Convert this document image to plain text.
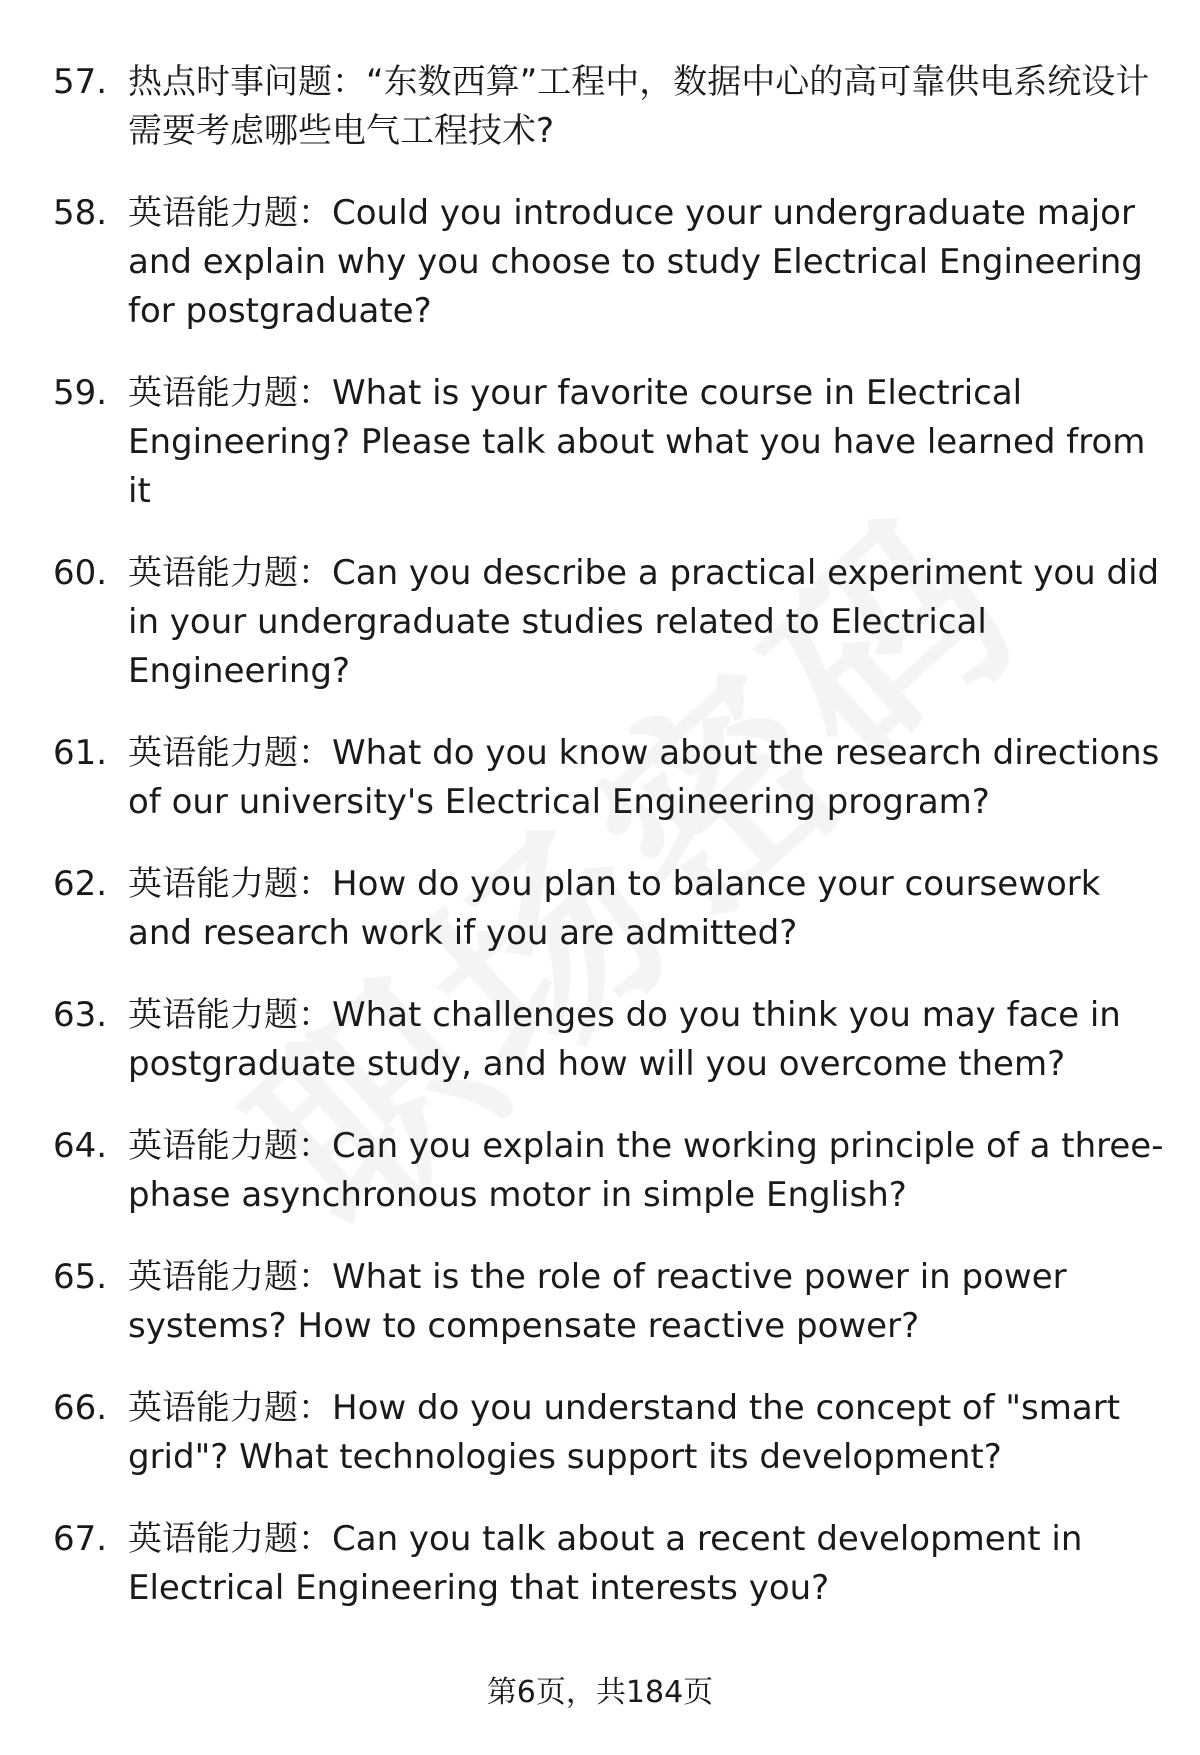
57. 热点时事问题：“东数西算”工程中，数据中心的高可靠供电系统设计需要考虑哪些电气工程技术?
58. 英语能力题：Could you introduce your undergraduate major and explain why you choose to study Electrical Engineering for postgraduate?
59. 英语能力题：What is your favorite course in Electrical Engineering? Please talk about what you have learned from it
60. 英语能力题：Can you describe a practical experiment you did in your undergraduate studies related to Electrical Engineering?
61. 英语能力题：What do you know about the research directions of our university's Electrical Engineering program?
62. 英语能力题：How do you plan to balance your coursework and research work if you are admitted?
63. 英语能力题：What challenges do you think you may face in postgraduate study, and how will you overcome them?
64. 英语能力题：Can you explain the working principle of a three-phase asynchronous motor in simple English?
65. 英语能力题：What is the role of reactive power in power systems? How to compensate reactive power?
66. 英语能力题：How do you understand the concept of "smart grid"? What technologies support its development?
67. 英语能力题：Can you talk about a recent development in Electrical Engineering that interests you?
第6页，共184页
